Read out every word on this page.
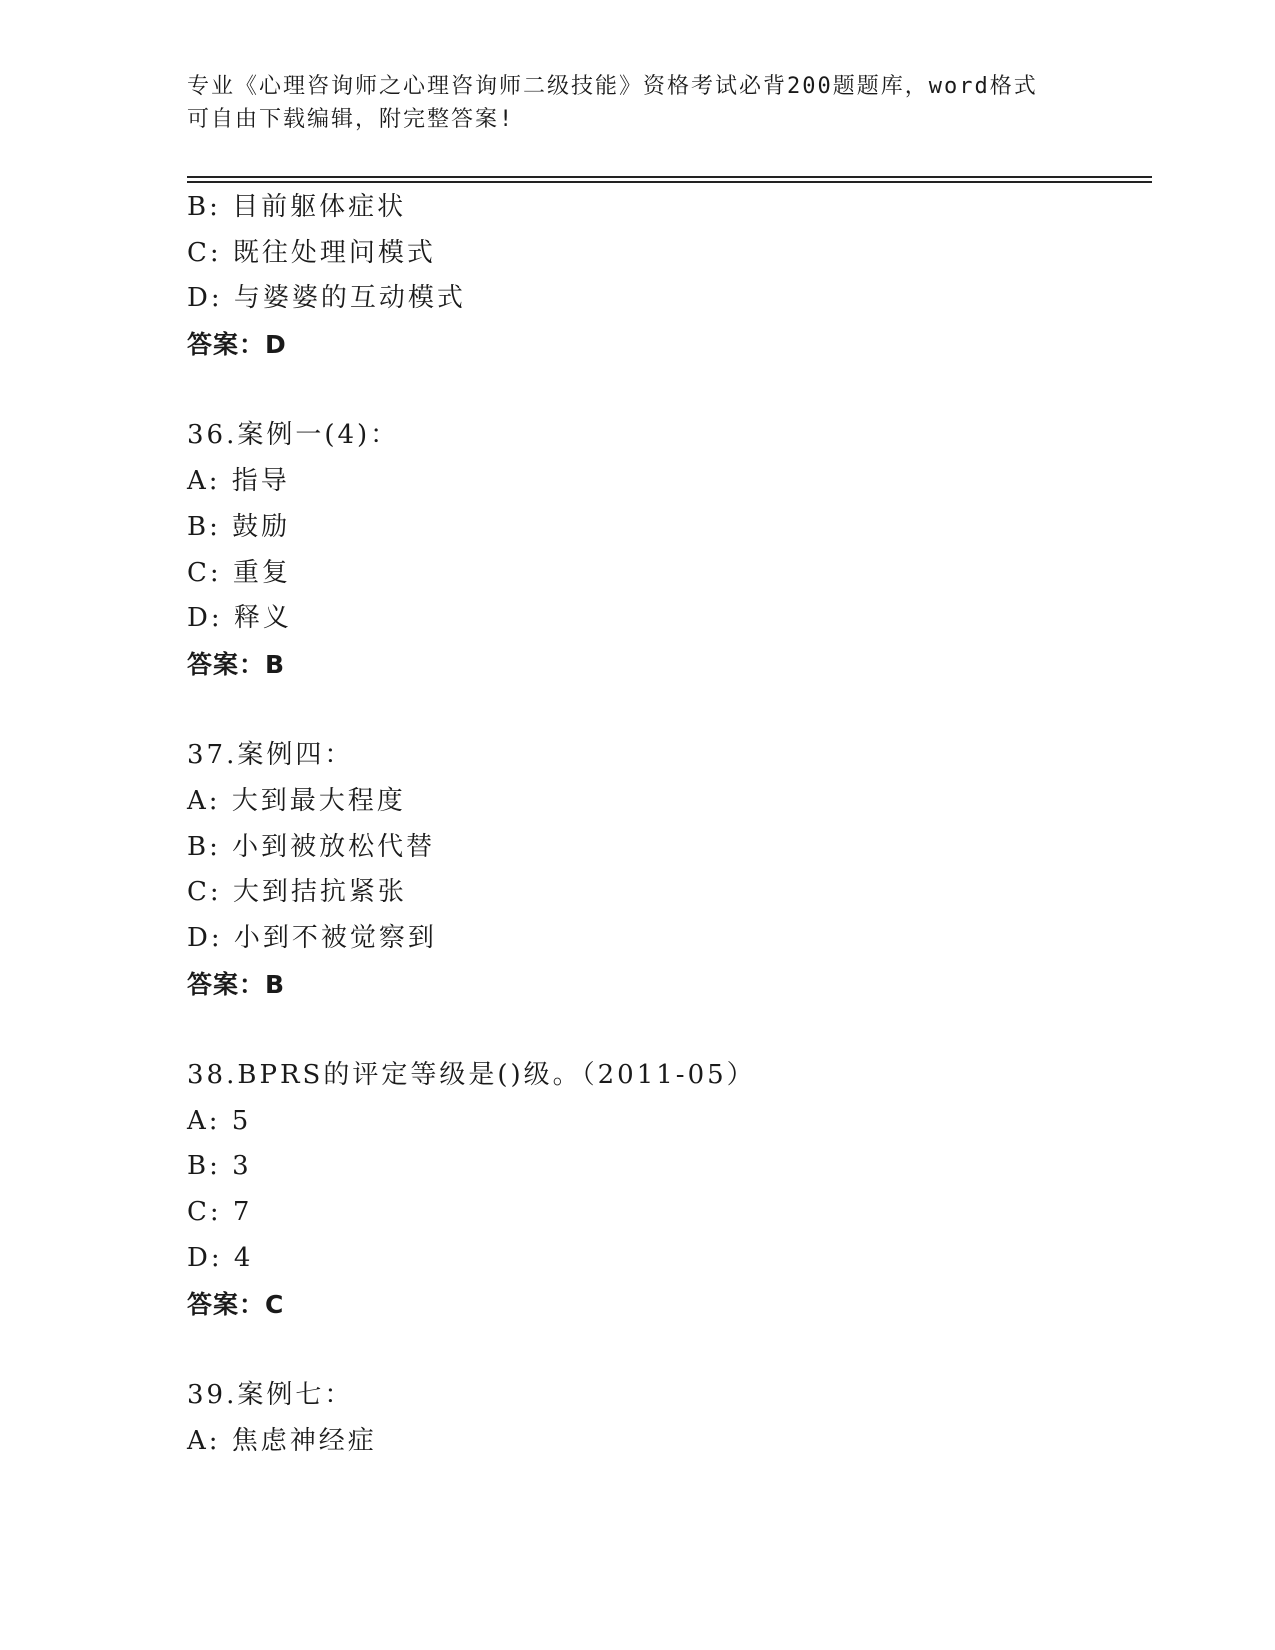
专业《心理咨询师之心理咨询师二级技能》资格考试必背200题题库，word格式
可自由下载编辑，附完整答案!
B: 目前躯体症状
C: 既往处理问模式
D: 与婆婆的互动模式
答案：D
36.案例一(4)：
A: 指导
B: 鼓励
C: 重复
D: 释义
答案：B
37.案例四：
A: 大到最大程度
B: 小到被放松代替
C: 大到拮抗紧张
D: 小到不被觉察到
答案：B
38.BPRS的评定等级是()级。（2011-05）
A: 5
B: 3
C: 7
D: 4
答案：C
39.案例七：
A: 焦虑神经症
